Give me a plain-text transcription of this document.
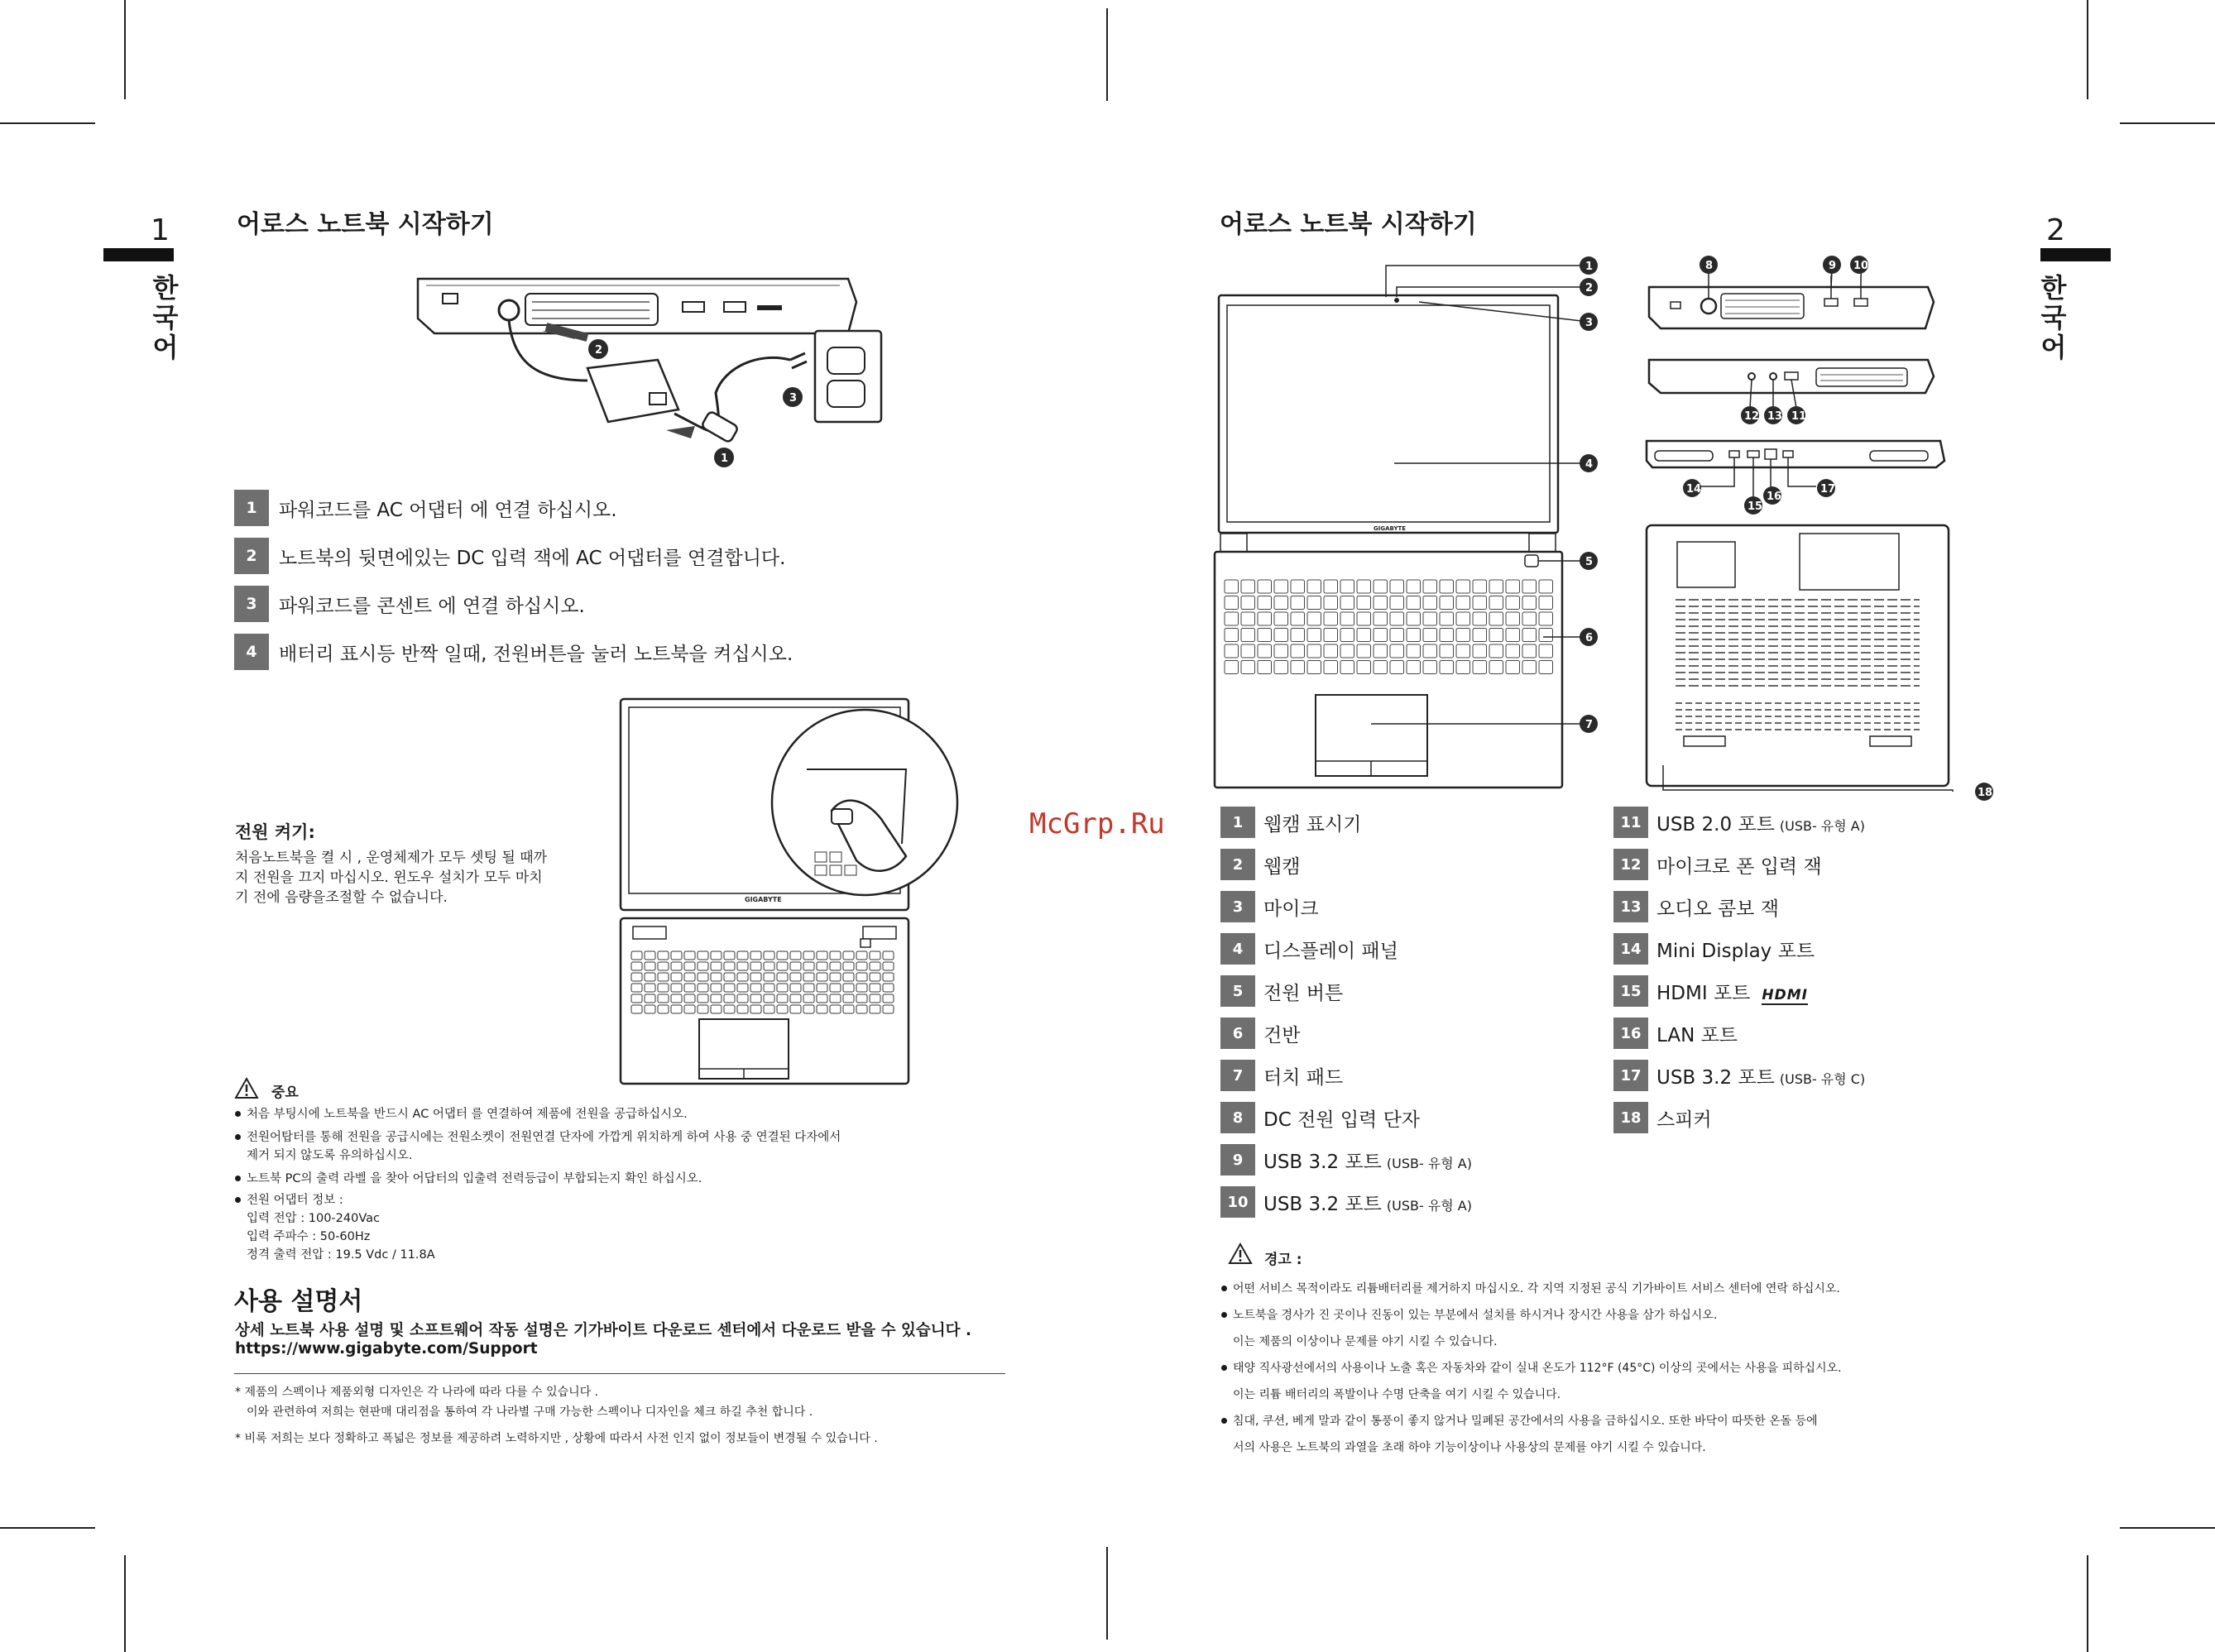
1
한국어
어로스 노트북 시작하기
2
3
1
1	파워코드를 AC 어댑터 에 연결 하십시오.
2	노트북의 뒷면에있는 DC 입력 잭에 AC 어댑터를 연결합니다.
3	파워코드를 콘센트 에 연결 하십시오.
4	배터리 표시등 반짝 일때, 전원버튼을 눌러 노트북을 켜십시오.
전원 켜기:
처음노트북을 켤 시 , 운영체제가 모두 셋팅 될 때까
지 전원을 끄지 마십시오. 윈도우 설치가 모두 마치
기 전에 음량을조절할 수 없습니다.	GIGABYTE
중요
처음 부팅시에 노트북을 반드시 AC 어댑터 를 연결하여 제품에 전원을 공급하십시오.
전원어탑터를 통해 전원을 공급시에는 전원소켓이 전원연결 단자에 가깝게 위치하게 하여 사용 중 연결된 다자에서
제거 되지 않도록 유의하십시오.
노트북 PC의 출력 라벨 을 찾아 어답터의 입출력 전력등급이 부합되는지 확인 하십시오.
전원 어댑터 정보 :
입력 전압 : 100-240Vac
입력 주파수 : 50-60Hz
정격 출력 전압 : 19.5 Vdc / 11.8A
사용 설명서
상세 노트북 사용 설명 및 소프트웨어 작동 설명은 기가바이트 다운로드 센터에서 다운로드 받을 수 있습니다 .
https://www.gigabyte.com/Support
* 제품의 스펙이나 제품외형 디자인은 각 나라에 따라 다를 수 있습니다 .
이와 관련하여 저희는 현판매 대리점을 통하여 각 나라별 구매 가능한 스펙이나 디자인을 체크 하길 추천 합니다 .
* 비록 저희는 보다 정확하고 폭넓은 정보를 제공하려 노력하지만 , 상황에 따라서 사전 인지 없이 정보들이 변경될 수 있습니다 .
McGrp.Ru
어로스 노트북 시작하기	2
한국어
GIGABYTE
1
2
3
4
5
6
7
8	9 10
12 13 11
14
15
16
17
18
1	웹캠 표시기
2	웹캠
3	마이크
4	디스플레이 패널
5	전원 버튼
6	건반
7	터치 패드
8	DC 전원 입력 단자
9	USB 3.2 포트 (USB- 유형 A)
10 USB 3.2 포트 (USB- 유형 A)
11 USB 2.0 포트 (USB- 유형 A)
12 마이크로 폰 입력 잭
13 오디오 콤보 잭
14 Mini Display 포트
15 HDMI 포트 HDMI
16 LAN 포트
17 USB 3.2 포트 (USB- 유형 C)
18 스피커
경고 :
어떤 서비스 목적이라도 리튬배터리를 제거하지 마십시오. 각 지역 지정된 공식 기가바이트 서비스 센터에 연락 하십시오.
노트북을 경사가 진 곳이나 진동이 있는 부분에서 설치를 하시거나 장시간 사용을 삼가 하십시오.
이는 제품의 이상이나 문제를 야기 시킬 수 있습니다.
태양 직사광선에서의 사용이나 노출 혹은 자동차와 같이 실내 온도가 112°F (45°C) 이상의 곳에서는 사용을 피하십시오.
이는 리튬 배터리의 폭발이나 수명 단축을 여기 시킬 수 있습니다.
침대, 쿠션, 베게 말과 같이 통풍이 좋지 않거나 밀폐된 공간에서의 사용을 금하십시오. 또한 바닥이 따뜻한 온돌 등에
서의 사용은 노트북의 과열을 초래 하야 기능이상이나 사용상의 문제를 야기 시킬 수 있습니다.
